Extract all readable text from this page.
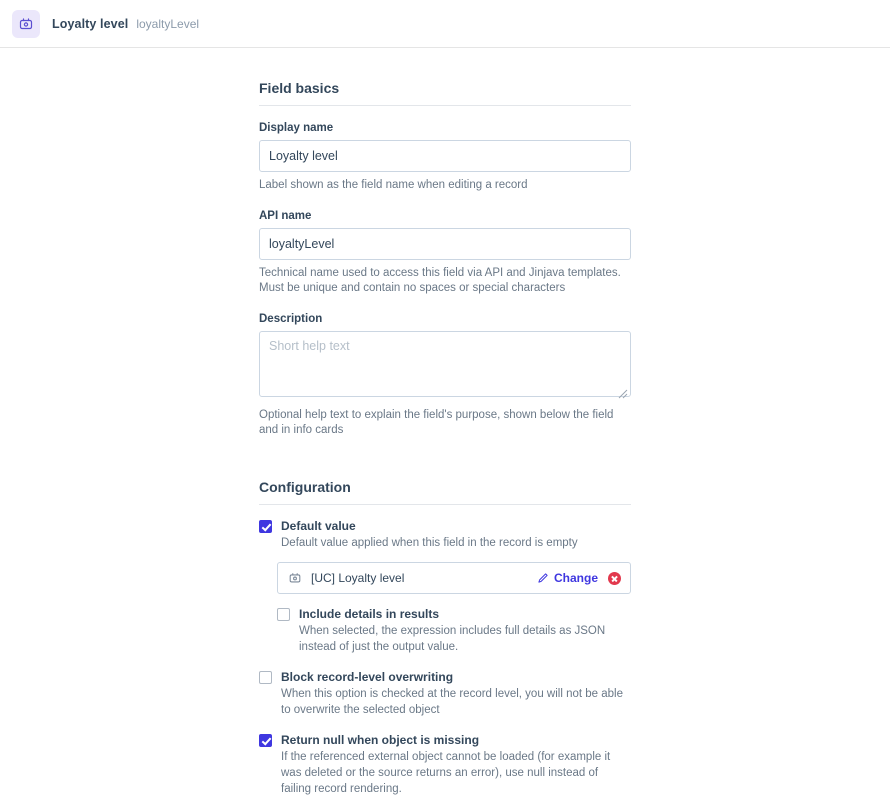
Loyalty level loyaltyLevel
Field basics
Display name
Loyalty level
Label shown as the field name when editing a record
API name
loyaltyLevel
Technical name used to access this field via API and Jinjava templates. Must be unique and contain no spaces or special characters
Description
Short help text
Optional help text to explain the field's purpose, shown below the field and in info cards
Configuration
Default value
Default value applied when this field in the record is empty
[UC] Loyalty level	Change
Include details in results
When selected, the expression includes full details as JSON instead of just the output value.
Block record-level overwriting
When this option is checked at the record level, you will not be able to overwrite the selected object
Return null when object is missing
If the referenced external object cannot be loaded (for example it was deleted or the source returns an error), use null instead of failing record rendering.
